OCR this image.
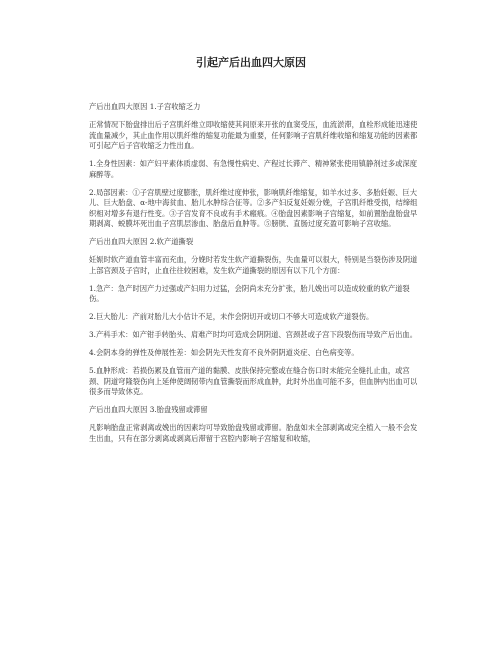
引起产后出血四大原因

产后出血四大原因 1.子宫收缩乏力

正常情况下胎盘排出后子宫肌纤维立即收缩使其间原来开张的血窦受压，血流淤滞，血栓形成能迅速使流血量减少，其止血作用以肌纤维的缩复功能最为重要，任何影响子宫肌纤维收缩和缩复功能的因素都可引起产后子宫收缩乏力性出血。

1.全身性因素：如产妇平素体质虚弱、有急慢性病史、产程过长滞产、精神紧张使用镇静剂过多或深度麻醉等。

2.局部因素：①子宫肌壁过度膨胀，肌纤维过度伸张，影响肌纤维缩复，如羊水过多、多胎妊娠、巨大儿、巨大胎盘、α-地中海贫血、胎儿水肿综合征等。②多产妇反复妊娠分娩，子宫肌纤维受损，结缔组织相对增多有退行性变。③子宫发育不良或有手术瘢痕。④胎盘因素影响子宫缩复，如前置胎盘胎盘早期剥离、蜕膜坏死出血子宫肌层渗血、胎盘后血肿等。⑤膀胱、直肠过度充盈可影响子宫收缩。

产后出血四大原因 2.软产道撕裂

妊娠时软产道血管丰富而充血，分娩时若发生软产道撕裂伤，失血量可以很大，特别是当裂伤涉及阴道上部宫颈及子宫时，止血往往较困难，发生软产道撕裂的原因有以下几个方面：

1.急产：急产时因产力过强或产妇用力过猛，会阴尚未充分扩张，胎儿娩出可以造成较重的软产道裂伤。

2.巨大胎儿：产前对胎儿大小估计不足，未作会阴切开或切口不够大可造成软产道裂伤。

3.产科手术：如产钳手转胎头、肩难产时均可造成会阴阴道、宫颈甚或子宫下段裂伤而导致产后出血。

4.会阴本身的弹性及伸展性差：如会阴先天性发育不良外阴阴道炎症、白色病变等。

5.血肿形成：若损伤累及血管而产道的黏膜、皮肤保持完整或在缝合伤口时未能完全缝扎止血，或宫颈、阴道穹隆裂伤向上延伸使阔韧带内血管撕裂而形成血肿，此时外出血可能不多，但血肿内出血可以很多而导致休克。

产后出血四大原因 3.胎盘残留或滞留

凡影响胎盘正常剥离或娩出的因素均可导致胎盘残留或滞留。胎盘如未全部剥离或完全植入一般不会发生出血，只有在部分剥离或剥离后滞留于宫腔内影响子宫缩复和收缩，
